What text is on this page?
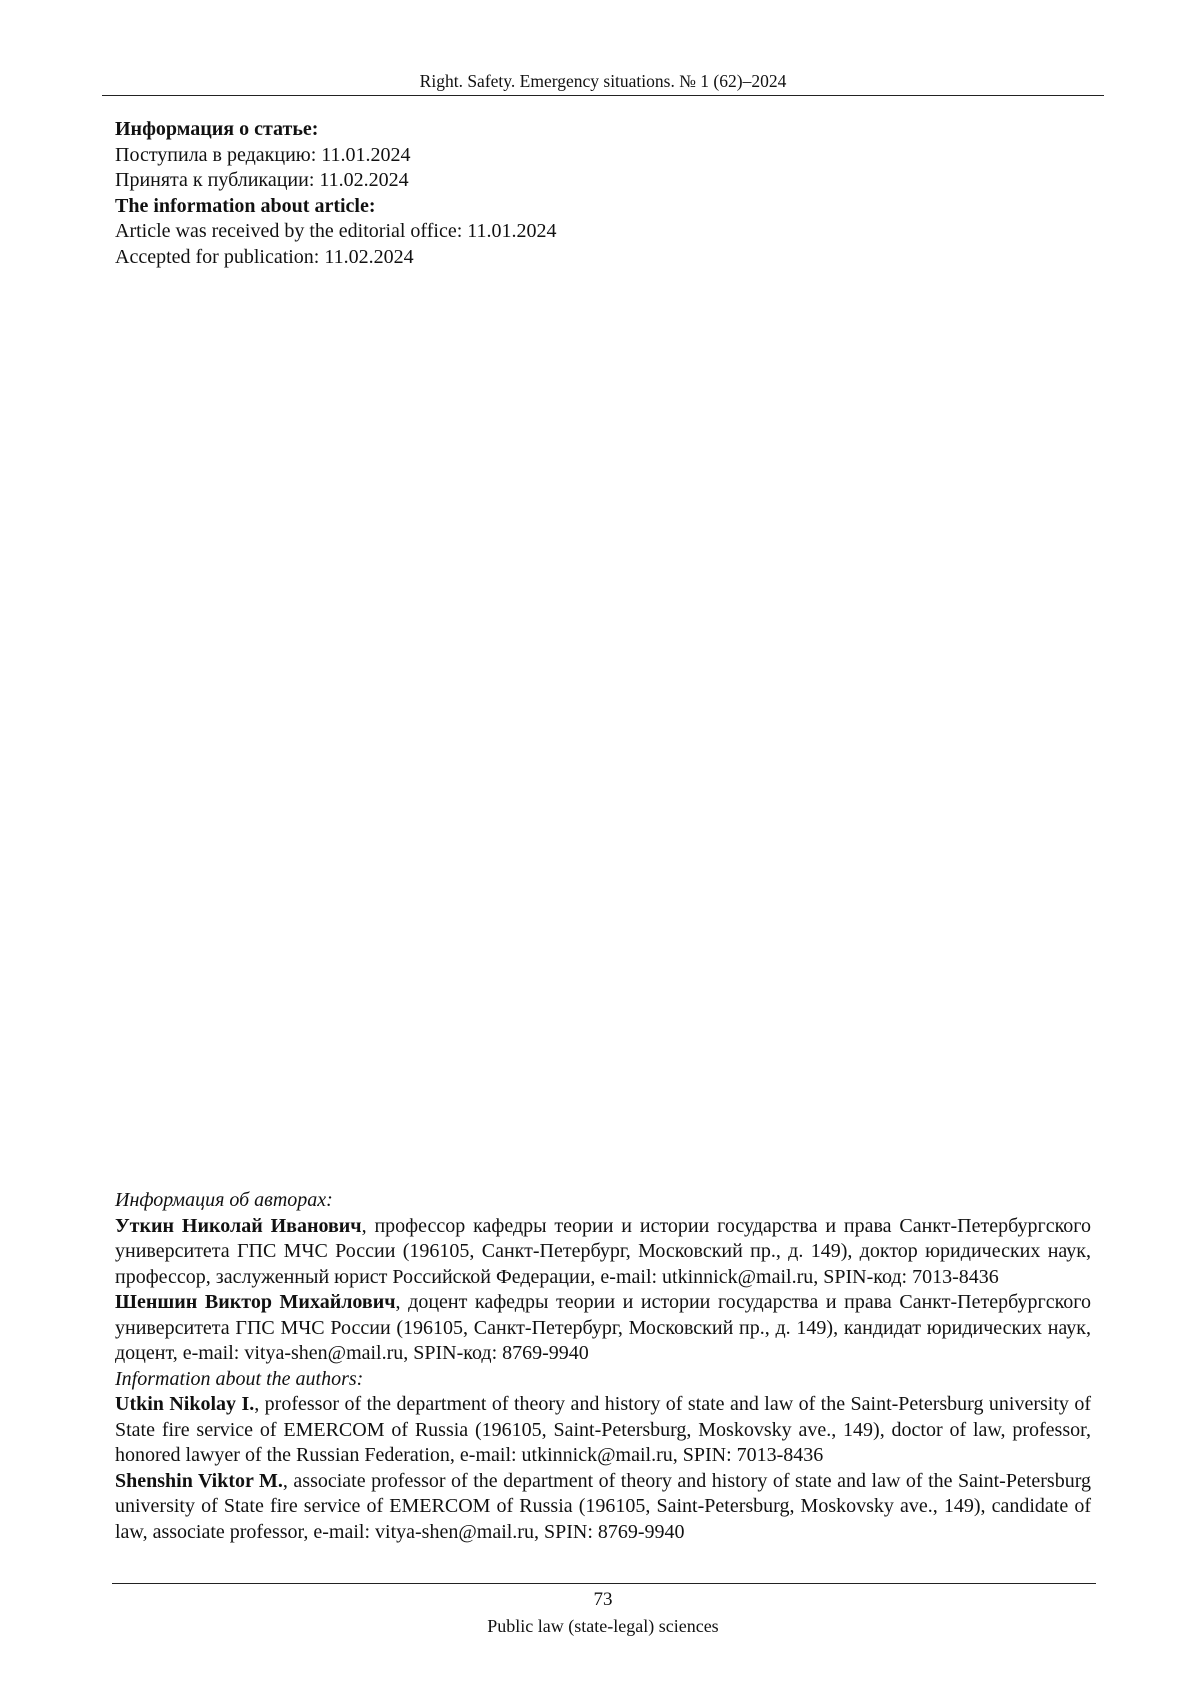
Right. Safety. Emergency situations. № 1 (62)–2024
Информация о статье:
Поступила в редакцию: 11.01.2024
Принята к публикации: 11.02.2024
The information about article:
Article was received by the editorial office: 11.01.2024
Accepted for publication: 11.02.2024
Информация об авторах:

Уткин Николай Иванович, профессор кафедры теории и истории государства и права Санкт-Петербургского университета ГПС МЧС России (196105, Санкт-Петербург, Московский пр., д. 149), доктор юридических наук, профессор, заслуженный юрист Российской Федерации, e-mail: utkinnick@mail.ru, SPIN-код: 7013-8436

Шеншин Виктор Михайлович, доцент кафедры теории и истории государства и права Санкт-Петербургского университета ГПС МЧС России (196105, Санкт-Петербург, Московский пр., д. 149), кандидат юридических наук, доцент, e-mail: vitya-shen@mail.ru, SPIN-код: 8769-9940

Information about the authors:

Utkin Nikolay I., professor of the department of theory and history of state and law of the Saint-Petersburg university of State fire service of EMERCOM of Russia (196105, Saint-Petersburg, Moskovsky ave., 149), doctor of law, professor, honored lawyer of the Russian Federation, e-mail: utkinnick@mail.ru, SPIN: 7013-8436

Shenshin Viktor M., associate professor of the department of theory and history of state and law of the Saint-Petersburg university of State fire service of EMERCOM of Russia (196105, Saint-Petersburg, Moskovsky ave., 149), candidate of law, associate professor, e-mail: vitya-shen@mail.ru, SPIN: 8769-9940

73
Public law (state-legal) sciences
